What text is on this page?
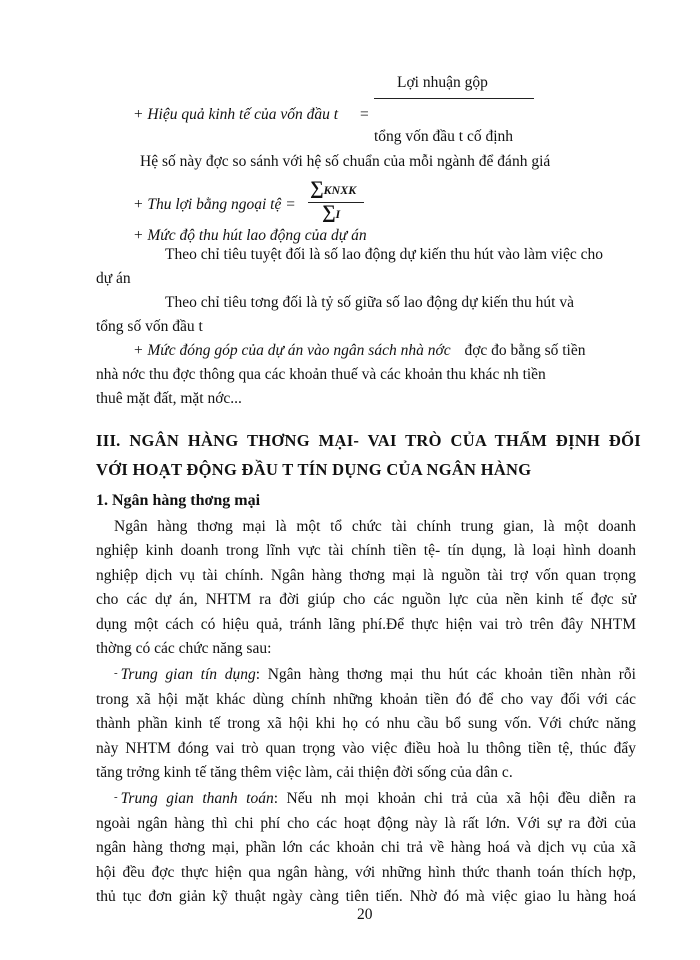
Lợi nhuận gộp
+ Hiệu quả kinh tế của vốn đầu t =
tổng vốn đầu t cố định
Hệ số này đợc so sánh với hệ số chuẩn của mỗi ngành để đánh giá
+ Thu lợi bằng ngoại tệ =
∑KNXK
∑I
+ Mức độ thu hút lao động của dự án
Theo chỉ tiêu tuyệt đối là số lao động dự kiến thu hút vào làm việc cho
dự án
Theo chỉ tiêu tơng đối là tỷ số giữa số lao động dự kiến thu hút và
tổng số vốn đầu t
+ Mức đóng góp của dự án vào ngân sách nhà nớc đợc đo bằng số tiền
nhà nớc thu đợc thông qua các khoản thuế và các khoản thu khác nh tiền
thuê mặt đất, mặt nớc...
III. NGÂN HÀNG THƠNG MẠI- VAI TRÒ CỦA THẨM ĐỊNH ĐỐI
VỚI HOẠT ĐỘNG ĐẦU T TÍN DỤNG CỦA NGÂN HÀNG
1. Ngân hàng thơng mại

Ngân hàng thơng mại là một tổ chức tài chính trung gian, là một doanh

nghiệp kinh doanh trong lĩnh vực tài chính tiền tệ- tín dụng, là loại hình doanh

nghiệp dịch vụ tài chính. Ngân hàng thơng mại là nguồn tài trợ vốn quan trọng

cho các dự án, NHTM ra đời giúp cho các nguồn lực của nền kinh tế đợc sử

dụng một cách có hiệu quả, tránh lãng phí.Để thực hiện vai trò trên đây NHTM

thờng có các chức năng sau:

- Trung gian tín dụng: Ngân hàng thơng mại thu hút các khoản tiền nhàn rỗi

trong xã hội mặt khác dùng chính những khoản tiền đó để cho vay đối với các

thành phần kinh tế trong xã hội khi họ có nhu cầu bổ sung vốn. Với chức năng

này NHTM đóng vai trò quan trọng vào việc điều hoà lu thông tiền tệ, thúc đẩy

tăng trởng kinh tế tăng thêm việc làm, cải thiện đời sống của dân c.

- Trung gian thanh toán: Nếu nh mọi khoản chi trả của xã hội đều diễn ra

ngoài ngân hàng thì chi phí cho các hoạt động này là rất lớn. Với sự ra đời của

ngân hàng thơng mại, phần lớn các khoản chi trả về hàng hoá và dịch vụ của xã

hội đều đợc thực hiện qua ngân hàng, với những hình thức thanh toán thích hợp,

thủ tục đơn giản kỹ thuật ngày càng tiên tiến. Nhờ đó mà việc giao lu hàng hoá

20
